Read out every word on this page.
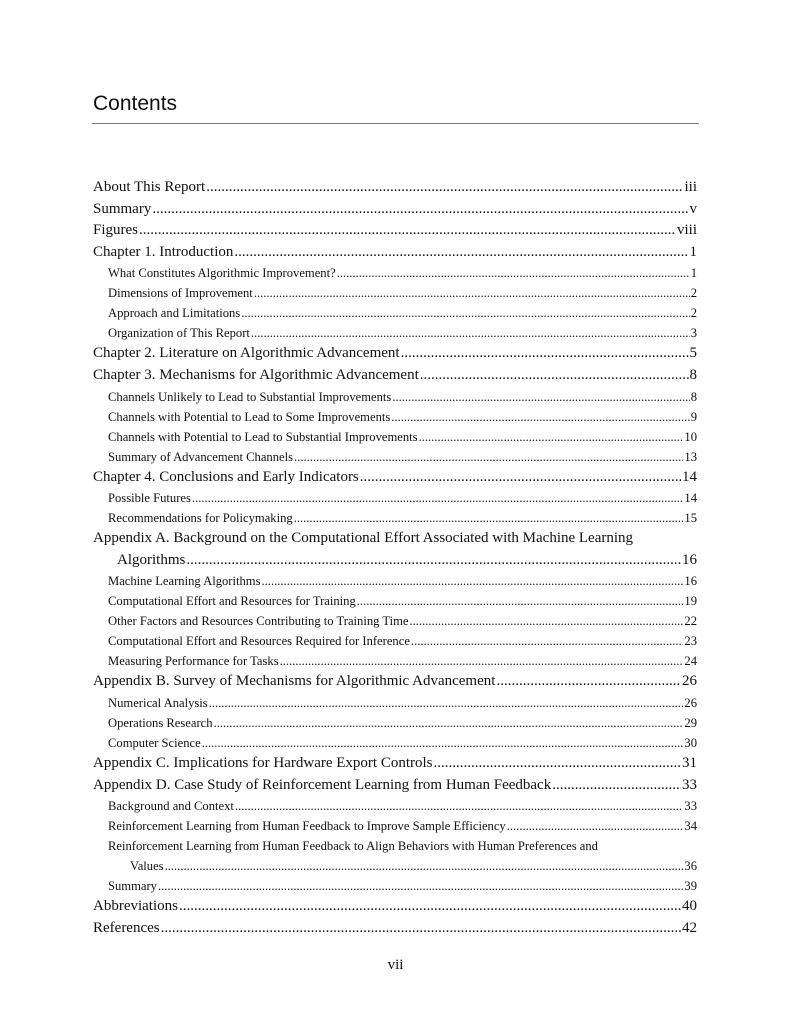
Contents
About This Report .....	iii
Summary .....	v
Figures .....	viii
Chapter 1. Introduction .....	1
What Constitutes Algorithmic Improvement? .....	1
Dimensions of Improvement .....	2
Approach and Limitations .....	2
Organization of This Report .....	3
Chapter 2. Literature on Algorithmic Advancement .....	5
Chapter 3. Mechanisms for Algorithmic Advancement .....	8
Channels Unlikely to Lead to Substantial Improvements .....	8
Channels with Potential to Lead to Some Improvements .....	9
Channels with Potential to Lead to Substantial Improvements .....	10
Summary of Advancement Channels .....	13
Chapter 4. Conclusions and Early Indicators .....	14
Possible Futures .....	14
Recommendations for Policymaking .....	15
Appendix A. Background on the Computational Effort Associated with Machine Learning
Algorithms .....	16
Machine Learning Algorithms .....	16
Computational Effort and Resources for Training .....	19
Other Factors and Resources Contributing to Training Time .....	22
Computational Effort and Resources Required for Inference .....	23
Measuring Performance for Tasks .....	24
Appendix B. Survey of Mechanisms for Algorithmic Advancement .....	26
Numerical Analysis .....	26
Operations Research .....	29
Computer Science .....	30
Appendix C. Implications for Hardware Export Controls .....	31
Appendix D. Case Study of Reinforcement Learning from Human Feedback .....	33
Background and Context .....	33
Reinforcement Learning from Human Feedback to Improve Sample Efficiency .....	34
Reinforcement Learning from Human Feedback to Align Behaviors with Human Preferences and
Values .....	36
Summary .....	39
Abbreviations .....	40
References .....	42
vii
